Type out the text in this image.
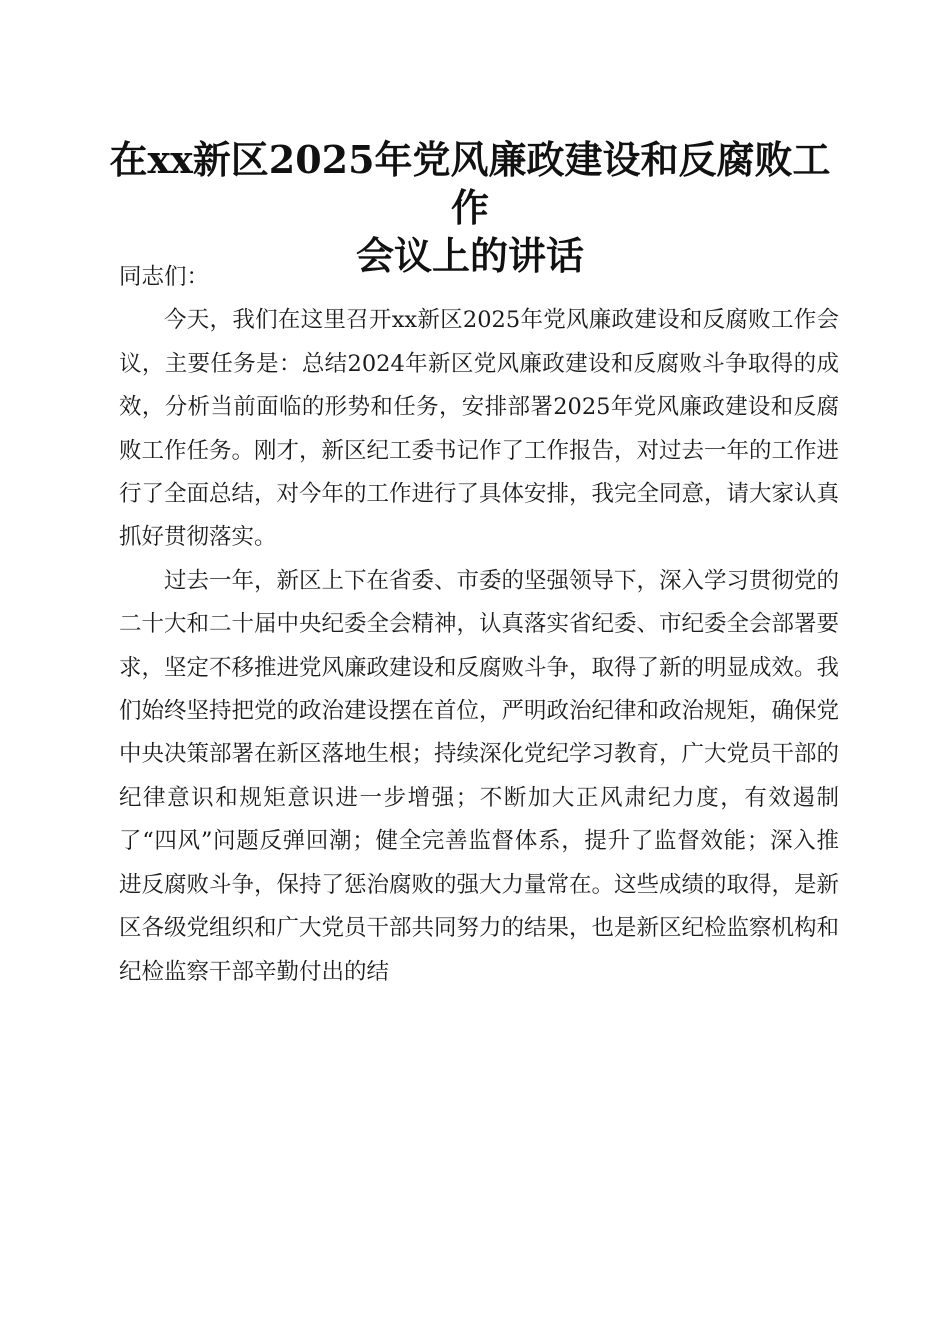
在xx新区2025年党风廉政建设和反腐败工作
会议上的讲话

同志们：

今天，我们在这里召开xx新区2025年党风廉政建设和反腐败工作会议，主要任务是：总结2024年新区党风廉政建设和反腐败斗争取得的成效，分析当前面临的形势和任务，安排部署2025年党风廉政建设和反腐败工作任务。刚才，新区纪工委书记作了工作报告，对过去一年的工作进行了全面总结，对今年的工作进行了具体安排，我完全同意，请大家认真抓好贯彻落实。

过去一年，新区上下在省委、市委的坚强领导下，深入学习贯彻党的二十大和二十届中央纪委全会精神，认真落实省纪委、市纪委全会部署要求，坚定不移推进党风廉政建设和反腐败斗争，取得了新的明显成效。我们始终坚持把党的政治建设摆在首位，严明政治纪律和政治规矩，确保党中央决策部署在新区落地生根；持续深化党纪学习教育，广大党员干部的纪律意识和规矩意识进一步增强；不断加大正风肃纪力度，有效遏制了“四风”问题反弹回潮；健全完善监督体系，提升了监督效能；深入推进反腐败斗争，保持了惩治腐败的强大力量常在。这些成绩的取得，是新区各级党组织和广大党员干部共同努力的结果，也是新区纪检监察机构和纪检监察干部辛勤付出的结
